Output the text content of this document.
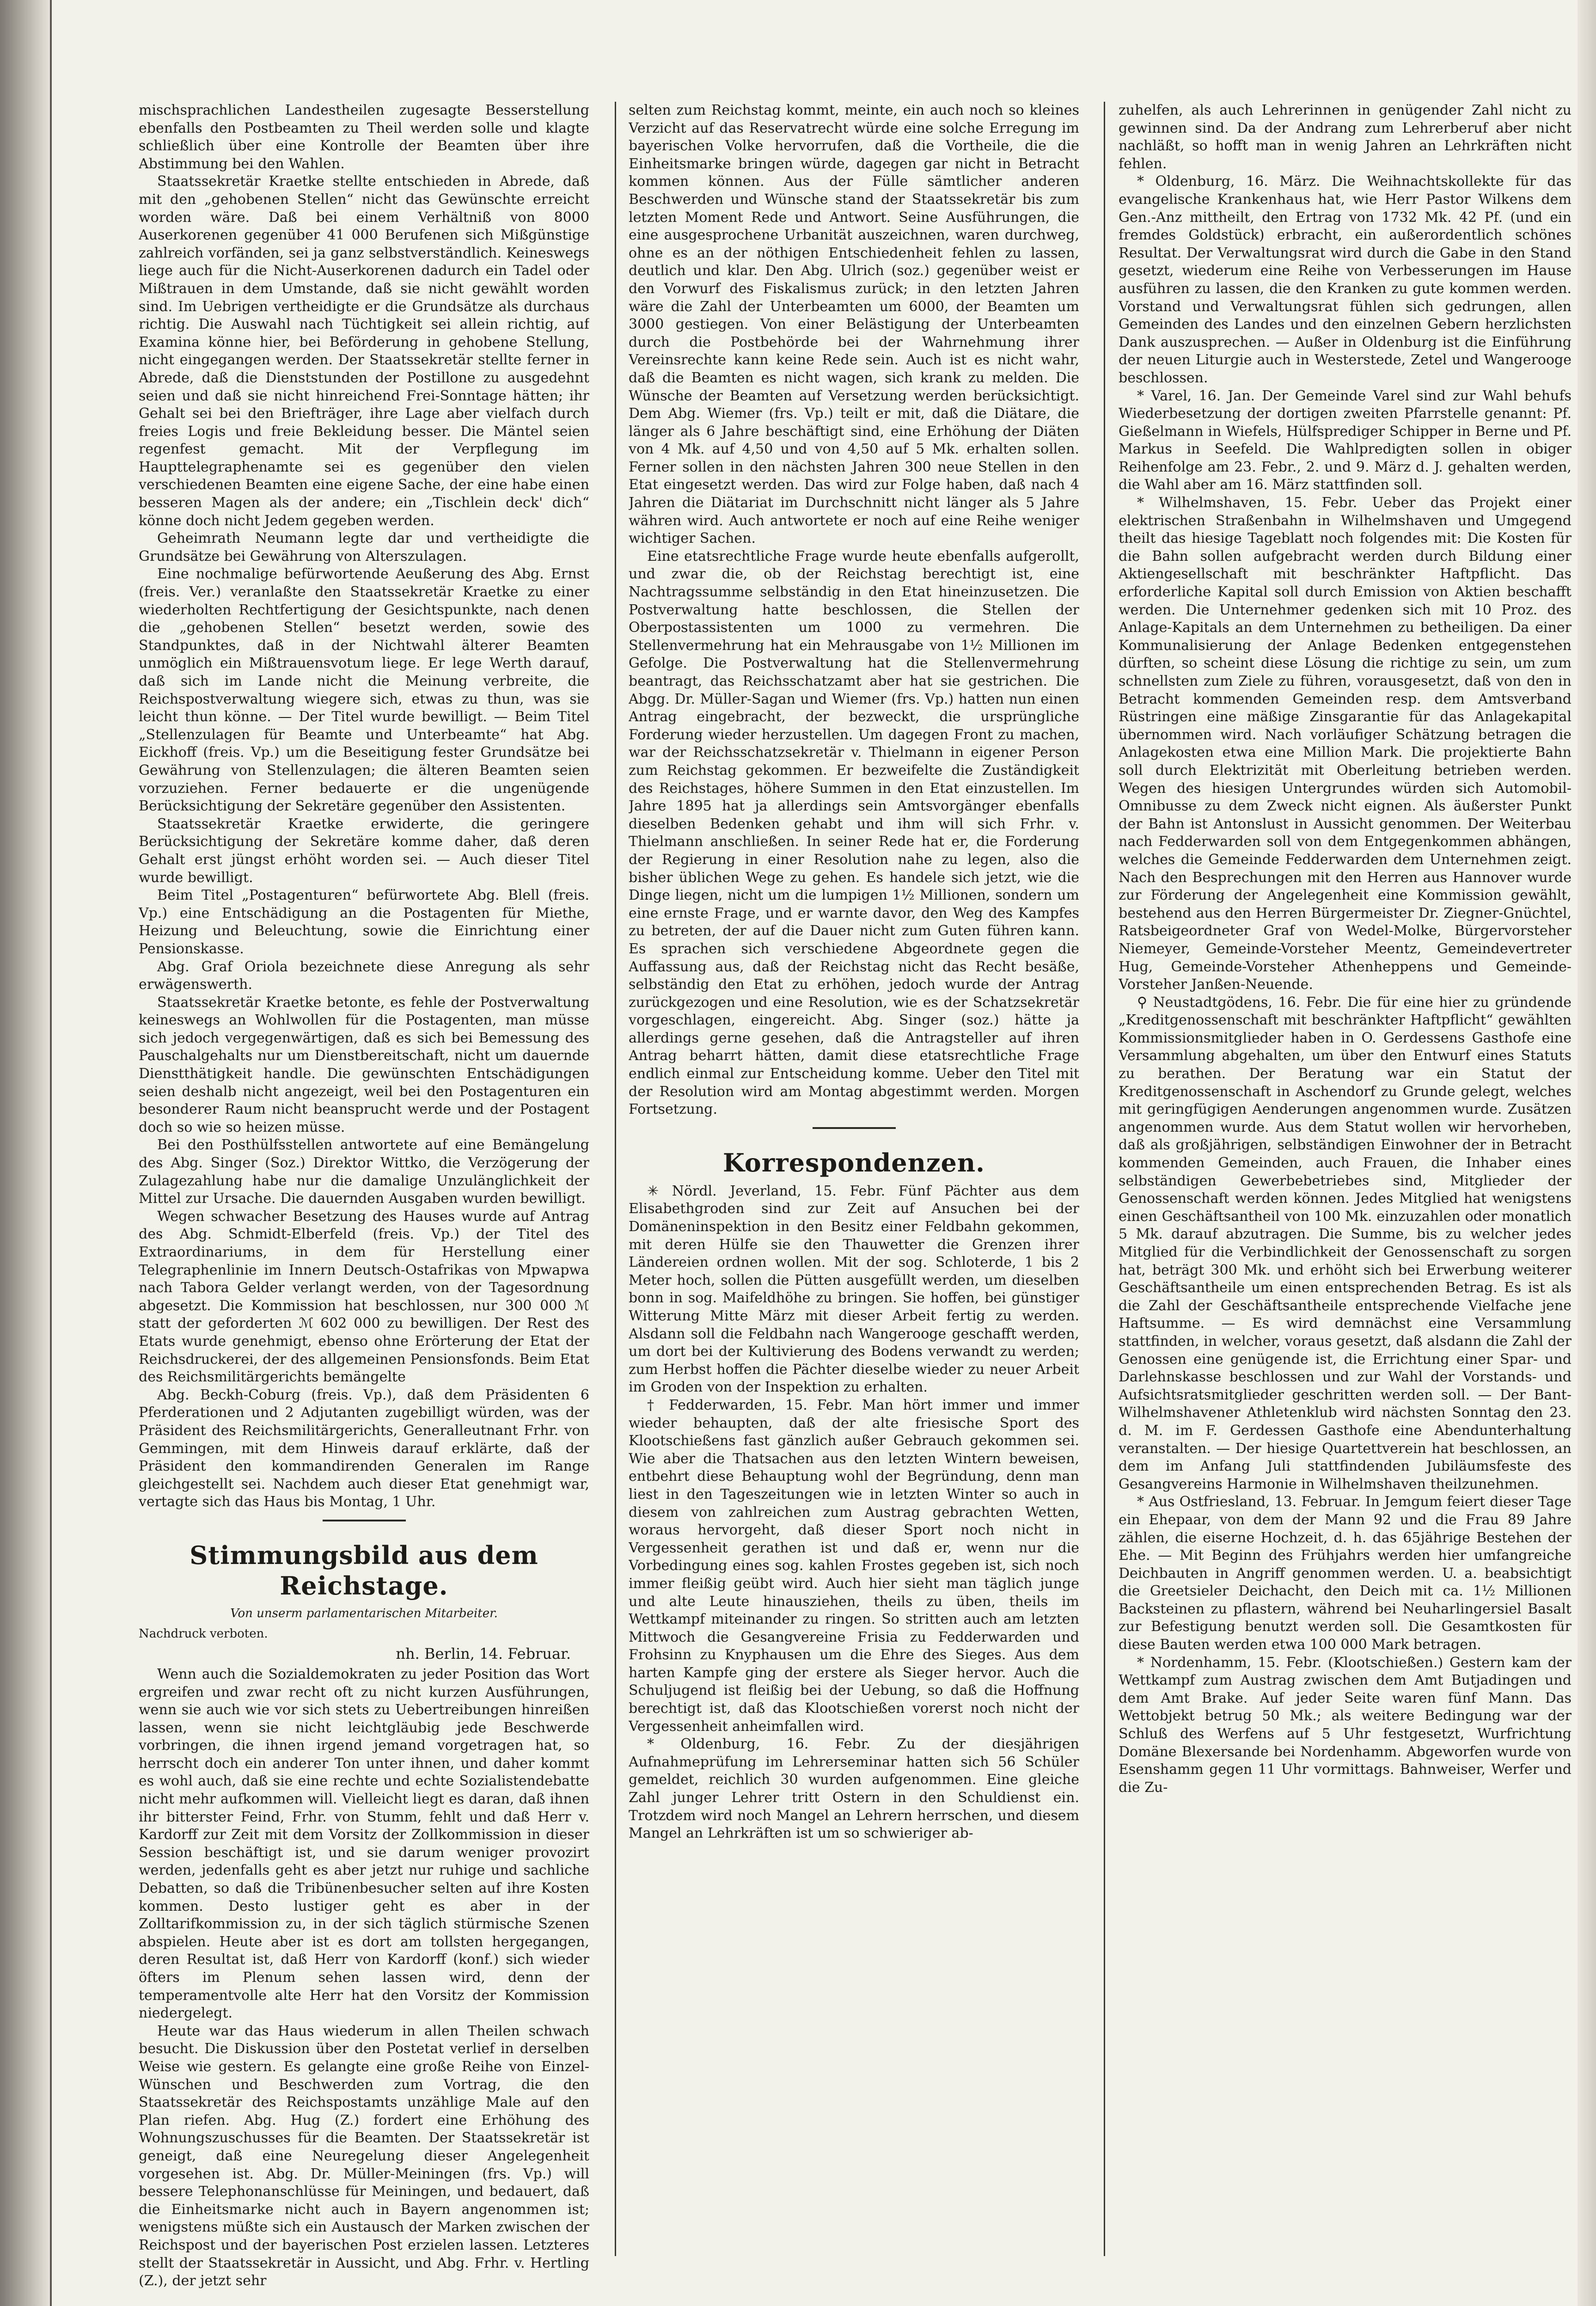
mischsprachlichen Landestheilen zugesagte Besserstellung ebenfalls den Postbeamten zu Theil werden solle und klagte schließlich über eine Kontrolle der Beamten über ihre Abstimmung bei den Wahlen.

Staatssekretär Kraetke stellte entschieden in Abrede, daß mit den „gehobenen Stellen“ nicht das Gewünschte erreicht worden wäre. Daß bei einem Verhältniß von 8000 Auserkorenen gegenüber 41 000 Berufenen sich Mißgünstige zahlreich vorfänden, sei ja ganz selbstverständlich. Keineswegs liege auch für die Nicht-Auserkorenen dadurch ein Tadel oder Mißtrauen in dem Umstande, daß sie nicht gewählt worden sind. Im Uebrigen vertheidigte er die Grundsätze als durchaus richtig. Die Auswahl nach Tüchtigkeit sei allein richtig, auf Examina könne hier, bei Beförderung in gehobene Stellung, nicht eingegangen werden. Der Staatssekretär stellte ferner in Abrede, daß die Dienststunden der Postillone zu ausgedehnt seien und daß sie nicht hinreichend Frei-Sonntage hätten; ihr Gehalt sei bei den Briefträger, ihre Lage aber vielfach durch freies Logis und freie Bekleidung besser. Die Mäntel seien regenfest gemacht. Mit der Verpflegung im Haupttelegraphenamte sei es gegenüber den vielen verschiedenen Beamten eine eigene Sache, der eine habe einen besseren Magen als der andere; ein „Tischlein deck' dich“ könne doch nicht Jedem gegeben werden.

Geheimrath Neumann legte dar und vertheidigte die Grundsätze bei Gewährung von Alterszulagen.

Eine nochmalige befürwortende Aeußerung des Abg. Ernst (freis. Ver.) veranlaßte den Staatssekretär Kraetke zu einer wiederholten Rechtfertigung der Gesichtspunkte, nach denen die „gehobenen Stellen“ besetzt werden, sowie des Standpunktes, daß in der Nichtwahl älterer Beamten unmöglich ein Mißtrauensvotum liege. Er lege Werth darauf, daß sich im Lande nicht die Meinung verbreite, die Reichspostverwaltung wiegere sich, etwas zu thun, was sie leicht thun könne. — Der Titel wurde bewilligt. — Beim Titel „Stellenzulagen für Beamte und Unterbeamte“ hat Abg. Eickhoff (freis. Vp.) um die Beseitigung fester Grundsätze bei Gewährung von Stellenzulagen; die älteren Beamten seien vorzuziehen. Ferner bedauerte er die ungenügende Berücksichtigung der Sekretäre gegenüber den Assistenten.

Staatssekretär Kraetke erwiderte, die geringere Berücksichtigung der Sekretäre komme daher, daß deren Gehalt erst jüngst erhöht worden sei. — Auch dieser Titel wurde bewilligt.

Beim Titel „Postagenturen“ befürwortete Abg. Blell (freis. Vp.) eine Entschädigung an die Postagenten für Miethe, Heizung und Beleuchtung, sowie die Einrichtung einer Pensionskasse.

Abg. Graf Oriola bezeichnete diese Anregung als sehr erwägenswerth.

Staatssekretär Kraetke betonte, es fehle der Postverwaltung keineswegs an Wohlwollen für die Postagenten, man müsse sich jedoch vergegenwärtigen, daß es sich bei Bemessung des Pauschalgehalts nur um Dienstbereitschaft, nicht um dauernde Dienstthätigkeit handle. Die gewünschten Entschädigungen seien deshalb nicht angezeigt, weil bei den Postagenturen ein besonderer Raum nicht beansprucht werde und der Postagent doch so wie so heizen müsse.

Bei den Posthülfsstellen antwortete auf eine Bemängelung des Abg. Singer (Soz.) Direktor Wittko, die Verzögerung der Zulagezahlung habe nur die damalige Unzulänglichkeit der Mittel zur Ursache. Die dauernden Ausgaben wurden bewilligt.

Wegen schwacher Besetzung des Hauses wurde auf Antrag des Abg. Schmidt-Elberfeld (freis. Vp.) der Titel des Extraordinariums, in dem für Herstellung einer Telegraphenlinie im Innern Deutsch-Ostafrikas von Mpwapwa nach Tabora Gelder verlangt werden, von der Tagesordnung abgesetzt. Die Kommission hat beschlossen, nur 300 000 ℳ statt der geforderten ℳ 602 000 zu bewilligen. Der Rest des Etats wurde genehmigt, ebenso ohne Erörterung der Etat der Reichsdruckerei, der des allgemeinen Pensionsfonds. Beim Etat des Reichsmilitärgerichts bemängelte

Abg. Beckh-Coburg (freis. Vp.), daß dem Präsidenten 6 Pferderationen und 2 Adjutanten zugebilligt würden, was der Präsident des Reichsmilitärgerichts, Generalleutnant Frhr. von Gemmingen, mit dem Hinweis darauf erklärte, daß der Präsident den kommandirenden Generalen im Range gleichgestellt sei. Nachdem auch dieser Etat genehmigt war, vertagte sich das Haus bis Montag, 1 Uhr.

Stimmungsbild aus dem Reichstage.
Von unserm parlamentarischen Mitarbeiter.
Nachdruck verboten.
nh. Berlin, 14. Februar.

Wenn auch die Sozialdemokraten zu jeder Position das Wort ergreifen und zwar recht oft zu nicht kurzen Ausführungen, wenn sie auch wie vor sich stets zu Uebertreibungen hinreißen lassen, wenn sie nicht leichtgläubig jede Beschwerde vorbringen, die ihnen irgend jemand vorgetragen hat, so herrscht doch ein anderer Ton unter ihnen, und daher kommt es wohl auch, daß sie eine rechte und echte Sozialistendebatte nicht mehr aufkommen will. Vielleicht liegt es daran, daß ihnen ihr bitterster Feind, Frhr. von Stumm, fehlt und daß Herr v. Kardorff zur Zeit mit dem Vorsitz der Zollkommission in dieser Session beschäftigt ist, und sie darum weniger provozirt werden, jedenfalls geht es aber jetzt nur ruhige und sachliche Debatten, so daß die Tribünenbesucher selten auf ihre Kosten kommen. Desto lustiger geht es aber in der Zolltarifkommission zu, in der sich täglich stürmische Szenen abspielen. Heute aber ist es dort am tollsten hergegangen, deren Resultat ist, daß Herr von Kardorff (konf.) sich wieder öfters im Plenum sehen lassen wird, denn der temperamentvolle alte Herr hat den Vorsitz der Kommission niedergelegt.

Heute war das Haus wiederum in allen Theilen schwach besucht. Die Diskussion über den Postetat verlief in derselben Weise wie gestern. Es gelangte eine große Reihe von Einzel-Wünschen und Beschwerden zum Vortrag, die den Staatssekretär des Reichspostamts unzählige Male auf den Plan riefen. Abg. Hug (Z.) fordert eine Erhöhung des Wohnungszuschusses für die Beamten. Der Staatssekretär ist geneigt, daß eine Neuregelung dieser Angelegenheit vorgesehen ist. Abg. Dr. Müller-Meiningen (frs. Vp.) will bessere Telephonanschlüsse für Meiningen, und bedauert, daß die Einheitsmarke nicht auch in Bayern angenommen ist; wenigstens müßte sich ein Austausch der Marken zwischen der Reichspost und der bayerischen Post erzielen lassen. Letzteres stellt der Staatssekretär in Aussicht, und Abg. Frhr. v. Hertling (Z.), der jetzt sehr

selten zum Reichstag kommt, meinte, ein auch noch so kleines Verzicht auf das Reservatrecht würde eine solche Erregung im bayerischen Volke hervorrufen, daß die Vortheile, die die Einheitsmarke bringen würde, dagegen gar nicht in Betracht kommen können. Aus der Fülle sämtlicher anderen Beschwerden und Wünsche stand der Staatssekretär bis zum letzten Moment Rede und Antwort. Seine Ausführungen, die eine ausgesprochene Urbanität auszeichnen, waren durchweg, ohne es an der nöthigen Entschiedenheit fehlen zu lassen, deutlich und klar. Den Abg. Ulrich (soz.) gegenüber weist er den Vorwurf des Fiskalismus zurück; in den letzten Jahren wäre die Zahl der Unterbeamten um 6000, der Beamten um 3000 gestiegen. Von einer Belästigung der Unterbeamten durch die Postbehörde bei der Wahrnehmung ihrer Vereinsrechte kann keine Rede sein. Auch ist es nicht wahr, daß die Beamten es nicht wagen, sich krank zu melden. Die Wünsche der Beamten auf Versetzung werden berücksichtigt. Dem Abg. Wiemer (frs. Vp.) teilt er mit, daß die Diätare, die länger als 6 Jahre beschäftigt sind, eine Erhöhung der Diäten von 4 Mk. auf 4,50 und von 4,50 auf 5 Mk. erhalten sollen. Ferner sollen in den nächsten Jahren 300 neue Stellen in den Etat eingesetzt werden. Das wird zur Folge haben, daß nach 4 Jahren die Diätariat im Durchschnitt nicht länger als 5 Jahre währen wird. Auch antwortete er noch auf eine Reihe weniger wichtiger Sachen.

Eine etatsrechtliche Frage wurde heute ebenfalls aufgerollt, und zwar die, ob der Reichstag berechtigt ist, eine Nachtragssumme selbständig in den Etat hineinzusetzen. Die Postverwaltung hatte beschlossen, die Stellen der Oberpostassistenten um 1000 zu vermehren. Die Stellenvermehrung hat ein Mehrausgabe von 1½ Millionen im Gefolge. Die Postverwaltung hat die Stellenvermehrung beantragt, das Reichsschatzamt aber hat sie gestrichen. Die Abgg. Dr. Müller-Sagan und Wiemer (frs. Vp.) hatten nun einen Antrag eingebracht, der bezweckt, die ursprüngliche Forderung wieder herzustellen. Um dagegen Front zu machen, war der Reichsschatzsekretär v. Thielmann in eigener Person zum Reichstag gekommen. Er bezweifelte die Zuständigkeit des Reichstages, höhere Summen in den Etat einzustellen. Im Jahre 1895 hat ja allerdings sein Amtsvorgänger ebenfalls dieselben Bedenken gehabt und ihm will sich Frhr. v. Thielmann anschließen. In seiner Rede hat er, die Forderung der Regierung in einer Resolution nahe zu legen, also die bisher üblichen Wege zu gehen. Es handele sich jetzt, wie die Dinge liegen, nicht um die lumpigen 1½ Millionen, sondern um eine ernste Frage, und er warnte davor, den Weg des Kampfes zu betreten, der auf die Dauer nicht zum Guten führen kann. Es sprachen sich verschiedene Abgeordnete gegen die Auffassung aus, daß der Reichstag nicht das Recht besäße, selbständig den Etat zu erhöhen, jedoch wurde der Antrag zurückgezogen und eine Resolution, wie es der Schatzsekretär vorgeschlagen, eingereicht. Abg. Singer (soz.) hätte ja allerdings gerne gesehen, daß die Antragsteller auf ihren Antrag beharrt hätten, damit diese etatsrechtliche Frage endlich einmal zur Entscheidung komme. Ueber den Titel mit der Resolution wird am Montag abgestimmt werden. Morgen Fortsetzung.

Korrespondenzen.

✳ Nördl. Jeverland, 15. Febr. Fünf Pächter aus dem Elisabethgroden sind zur Zeit auf Ansuchen bei der Domäneninspektion in den Besitz einer Feldbahn gekommen, mit deren Hülfe sie den Thauwetter die Grenzen ihrer Ländereien ordnen wollen. Mit der sog. Schloterde, 1 bis 2 Meter hoch, sollen die Pütten ausgefüllt werden, um dieselben bonn in sog. Maifeldhöhe zu bringen. Sie hoffen, bei günstiger Witterung Mitte März mit dieser Arbeit fertig zu werden. Alsdann soll die Feldbahn nach Wangerooge geschafft werden, um dort bei der Kultivierung des Bodens verwandt zu werden; zum Herbst hoffen die Pächter dieselbe wieder zu neuer Arbeit im Groden von der Inspektion zu erhalten.

† Fedderwarden, 15. Febr. Man hört immer und immer wieder behaupten, daß der alte friesische Sport des Klootschießens fast gänzlich außer Gebrauch gekommen sei. Wie aber die Thatsachen aus den letzten Wintern beweisen, entbehrt diese Behauptung wohl der Begründung, denn man liest in den Tageszeitungen wie in letzten Winter so auch in diesem von zahlreichen zum Austrag gebrachten Wetten, woraus hervorgeht, daß dieser Sport noch nicht in Vergessenheit gerathen ist und daß er, wenn nur die Vorbedingung eines sog. kahlen Frostes gegeben ist, sich noch immer fleißig geübt wird. Auch hier sieht man täglich junge und alte Leute hinausziehen, theils zu üben, theils im Wettkampf miteinander zu ringen. So stritten auch am letzten Mittwoch die Gesangvereine Frisia zu Fedderwarden und Frohsinn zu Knyphausen um die Ehre des Sieges. Aus dem harten Kampfe ging der erstere als Sieger hervor. Auch die Schuljugend ist fleißig bei der Uebung, so daß die Hoffnung berechtigt ist, daß das Klootschießen vorerst noch nicht der Vergessenheit anheimfallen wird.

* Oldenburg, 16. Febr. Zu der diesjährigen Aufnahmeprüfung im Lehrerseminar hatten sich 56 Schüler gemeldet, reichlich 30 wurden aufgenommen. Eine gleiche Zahl junger Lehrer tritt Ostern in den Schuldienst ein. Trotzdem wird noch Mangel an Lehrern herrschen, und diesem Mangel an Lehrkräften ist um so schwieriger ab-

zuhelfen, als auch Lehrerinnen in genügender Zahl nicht zu gewinnen sind. Da der Andrang zum Lehrerberuf aber nicht nachläßt, so hofft man in wenig Jahren an Lehrkräften nicht fehlen.

* Oldenburg, 16. März. Die Weihnachtskollekte für das evangelische Krankenhaus hat, wie Herr Pastor Wilkens dem Gen.-Anz mittheilt, den Ertrag von 1732 Mk. 42 Pf. (und ein fremdes Goldstück) erbracht, ein außerordentlich schönes Resultat. Der Verwaltungsrat wird durch die Gabe in den Stand gesetzt, wiederum eine Reihe von Verbesserungen im Hause ausführen zu lassen, die den Kranken zu gute kommen werden. Vorstand und Verwaltungsrat fühlen sich gedrungen, allen Gemeinden des Landes und den einzelnen Gebern herzlichsten Dank auszusprechen. — Außer in Oldenburg ist die Einführung der neuen Liturgie auch in Westerstede, Zetel und Wangerooge beschlossen.

* Varel, 16. Jan. Der Gemeinde Varel sind zur Wahl behufs Wiederbesetzung der dortigen zweiten Pfarrstelle genannt: Pf. Gießelmann in Wiefels, Hülfsprediger Schipper in Berne und Pf. Markus in Seefeld. Die Wahlpredigten sollen in obiger Reihenfolge am 23. Febr., 2. und 9. März d. J. gehalten werden, die Wahl aber am 16. März stattfinden soll.

* Wilhelmshaven, 15. Febr. Ueber das Projekt einer elektrischen Straßenbahn in Wilhelmshaven und Umgegend theilt das hiesige Tageblatt noch folgendes mit: Die Kosten für die Bahn sollen aufgebracht werden durch Bildung einer Aktiengesellschaft mit beschränkter Haftpflicht. Das erforderliche Kapital soll durch Emission von Aktien beschafft werden. Die Unternehmer gedenken sich mit 10 Proz. des Anlage-Kapitals an dem Unternehmen zu betheiligen. Da einer Kommunalisierung der Anlage Bedenken entgegenstehen dürften, so scheint diese Lösung die richtige zu sein, um zum schnellsten zum Ziele zu führen, vorausgesetzt, daß von den in Betracht kommenden Gemeinden resp. dem Amtsverband Rüstringen eine mäßige Zinsgarantie für das Anlagekapital übernommen wird. Nach vorläufiger Schätzung betragen die Anlagekosten etwa eine Million Mark. Die projektierte Bahn soll durch Elektrizität mit Oberleitung betrieben werden. Wegen des hiesigen Untergrundes würden sich Automobil-Omnibusse zu dem Zweck nicht eignen. Als äußerster Punkt der Bahn ist Antonslust in Aussicht genommen. Der Weiterbau nach Fedderwarden soll von dem Entgegenkommen abhängen, welches die Gemeinde Fedderwarden dem Unternehmen zeigt. Nach den Besprechungen mit den Herren aus Hannover wurde zur Förderung der Angelegenheit eine Kommission gewählt, bestehend aus den Herren Bürgermeister Dr. Ziegner-Gnüchtel, Ratsbeigeordneter Graf von Wedel-Molke, Bürgervorsteher Niemeyer, Gemeinde-Vorsteher Meentz, Gemeindevertreter Hug, Gemeinde-Vorsteher Athenheppens und Gemeinde-Vorsteher Janßen-Neuende.

⚲ Neustadtgödens, 16. Febr. Die für eine hier zu gründende „Kreditgenossenschaft mit beschränkter Haftpflicht“ gewählten Kommissionsmitglieder haben in O. Gerdessens Gasthofe eine Versammlung abgehalten, um über den Entwurf eines Statuts zu berathen. Der Beratung war ein Statut der Kreditgenossenschaft in Aschendorf zu Grunde gelegt, welches mit geringfügigen Aenderungen angenommen wurde. Zusätzen angenommen wurde. Aus dem Statut wollen wir hervorheben, daß als großjährigen, selbständigen Einwohner der in Betracht kommenden Gemeinden, auch Frauen, die Inhaber eines selbständigen Gewerbebetriebes sind, Mitglieder der Genossenschaft werden können. Jedes Mitglied hat wenigstens einen Geschäftsantheil von 100 Mk. einzuzahlen oder monatlich 5 Mk. darauf abzutragen. Die Summe, bis zu welcher jedes Mitglied für die Verbindlichkeit der Genossenschaft zu sorgen hat, beträgt 300 Mk. und erhöht sich bei Erwerbung weiterer Geschäftsantheile um einen entsprechenden Betrag. Es ist als die Zahl der Geschäftsantheile entsprechende Vielfache jene Haftsumme. — Es wird demnächst eine Versammlung stattfinden, in welcher, voraus gesetzt, daß alsdann die Zahl der Genossen eine genügende ist, die Errichtung einer Spar- und Darlehnskasse beschlossen und zur Wahl der Vorstands- und Aufsichtsratsmitglieder geschritten werden soll. — Der Bant-Wilhelmshavener Athletenklub wird nächsten Sonntag den 23. d. M. im F. Gerdessen Gasthofe eine Abendunterhaltung veranstalten. — Der hiesige Quartettverein hat beschlossen, an dem im Anfang Juli stattfindenden Jubiläumsfeste des Gesangvereins Harmonie in Wilhelmshaven theilzunehmen.

* Aus Ostfriesland, 13. Februar. In Jemgum feiert dieser Tage ein Ehepaar, von dem der Mann 92 und die Frau 89 Jahre zählen, die eiserne Hochzeit, d. h. das 65jährige Bestehen der Ehe. — Mit Beginn des Frühjahrs werden hier umfangreiche Deichbauten in Angriff genommen werden. U. a. beabsichtigt die Greetsieler Deichacht, den Deich mit ca. 1½ Millionen Backsteinen zu pflastern, während bei Neuharlingersiel Basalt zur Befestigung benutzt werden soll. Die Gesamtkosten für diese Bauten werden etwa 100 000 Mark betragen.

* Nordenhamm, 15. Febr. (Klootschießen.) Gestern kam der Wettkampf zum Austrag zwischen dem Amt Butjadingen und dem Amt Brake. Auf jeder Seite waren fünf Mann. Das Wettobjekt betrug 50 Mk.; als weitere Bedingung war der Schluß des Werfens auf 5 Uhr festgesetzt, Wurfrichtung Domäne Blexersande bei Nordenhamm. Abgeworfen wurde von Esenshamm gegen 11 Uhr vormittags. Bahnweiser, Werfer und die Zu-
